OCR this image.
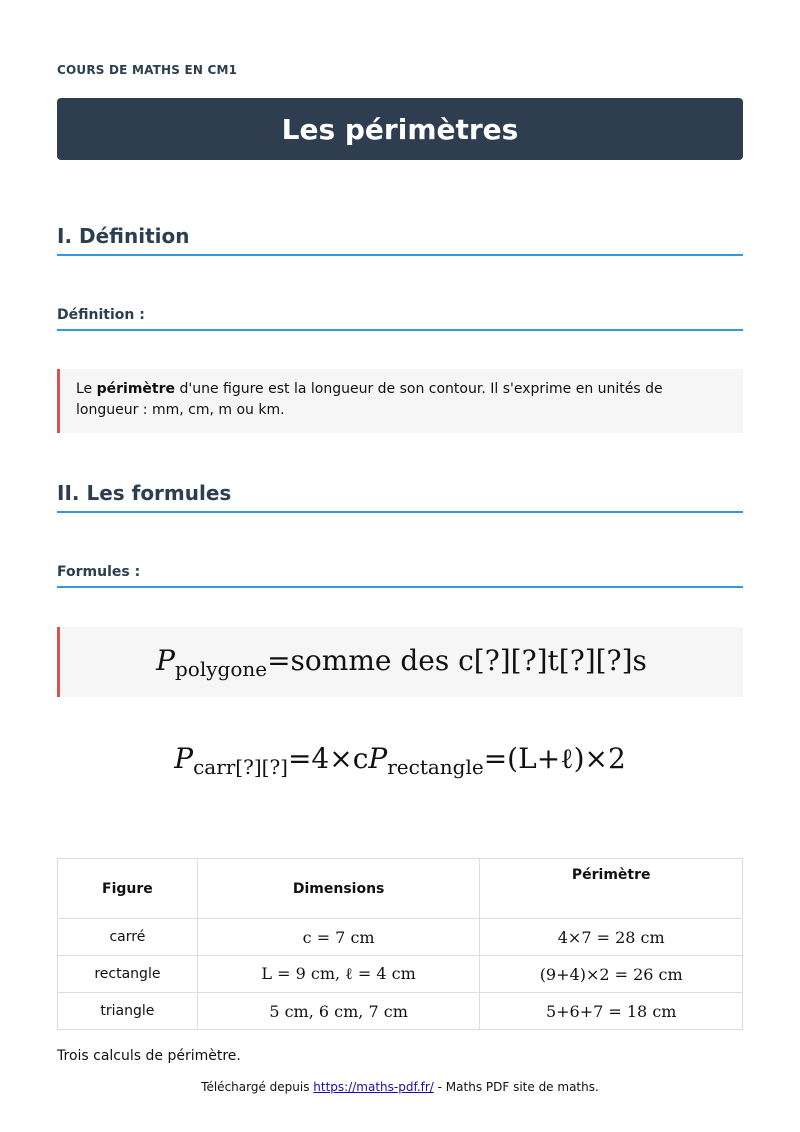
COURS DE MATHS EN CM1
Les périmètres
I. Définition
Définition :
Le périmètre d'une figure est la longueur de son contour. Il s'exprime en unités de longueur : mm, cm, m ou km.
II. Les formules
Formules :
$P_{polygone}=somme$ des c[?][?]t[?][?]s
$P_{carr[?][?]}=4\times cP_{rectangle}=(L+\ell)\times 2$
Figure	Dimensions	Périmètre
carré	c = 7 cm	4×7 = 28 cm
rectangle	L = 9 cm, ℓ = 4 cm	(9+4)×2 = 26 cm
triangle	5 cm, 6 cm, 7 cm	5+6+7 = 18 cm
Trois calculs de périmètre.
Téléchargé depuis https://maths-pdf.fr/ - Maths PDF site de maths.
